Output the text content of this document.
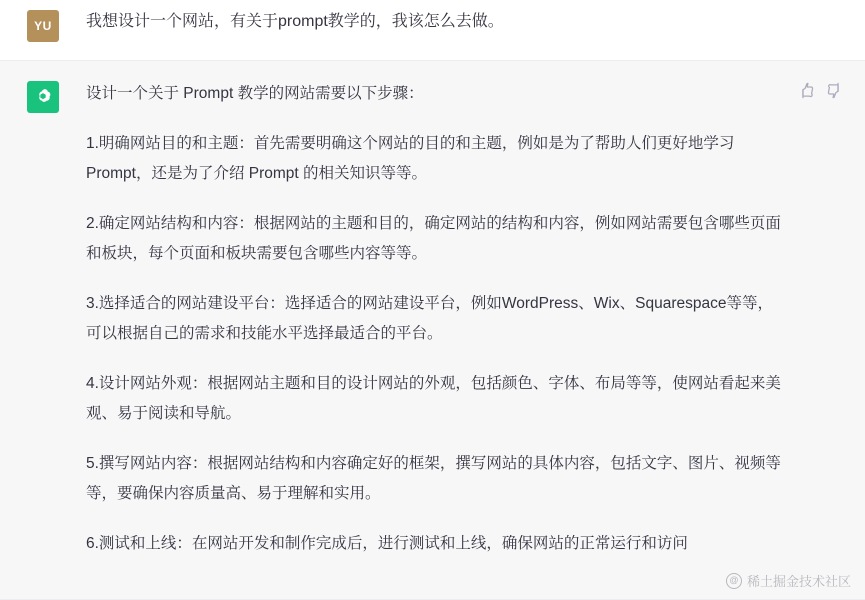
YU	我想设计一个网站，有关于prompt教学的，我该怎么去做。

设计一个关于 Prompt 教学的网站需要以下步骤：

1.明确网站目的和主题：首先需要明确这个网站的目的和主题，例如是为了帮助人们更好地学习 Prompt，还是为了介绍 Prompt 的相关知识等等。

2.确定网站结构和内容：根据网站的主题和目的，确定网站的结构和内容，例如网站需要包含哪些页面和板块，每个页面和板块需要包含哪些内容等等。

3.选择适合的网站建设平台：选择适合的网站建设平台，例如WordPress、Wix、Squarespace等等，可以根据自己的需求和技能水平选择最适合的平台。

4.设计网站外观：根据网站主题和目的设计网站的外观，包括颜色、字体、布局等等，使网站看起来美观、易于阅读和导航。

5.撰写网站内容：根据网站结构和内容确定好的框架，撰写网站的具体内容，包括文字、图片、视频等等，要确保内容质量高、易于理解和实用。

6.测试和上线：在网站开发和制作完成后，进行测试和上线，确保网站的正常运行和访问

@ 稀土掘金技术社区
